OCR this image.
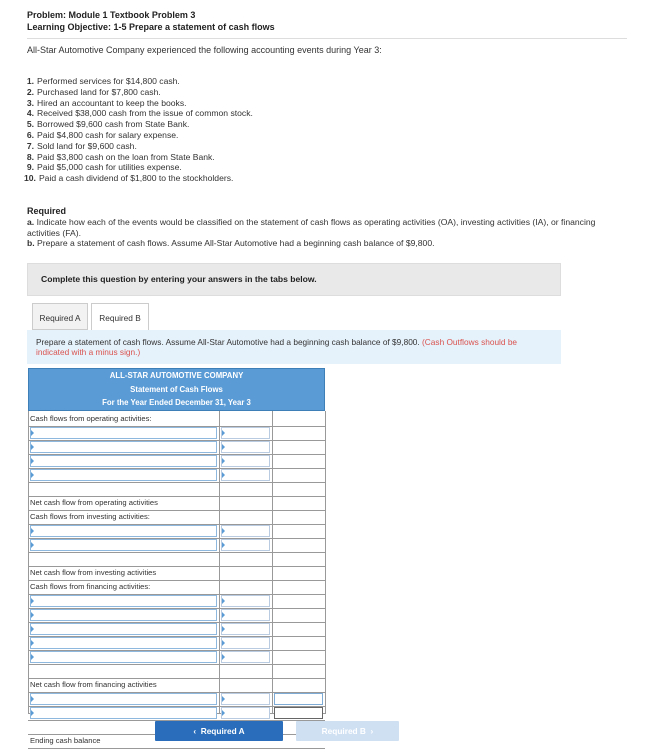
Problem: Module 1 Textbook Problem 3
Learning Objective: 1-5 Prepare a statement of cash flows
All-Star Automotive Company experienced the following accounting events during Year 3:
1. Performed services for $14,800 cash.
2. Purchased land for $7,800 cash.
3. Hired an accountant to keep the books.
4. Received $38,000 cash from the issue of common stock.
5. Borrowed $9,600 cash from State Bank.
6. Paid $4,800 cash for salary expense.
7. Sold land for $9,600 cash.
8. Paid $3,800 cash on the loan from State Bank.
9. Paid $5,000 cash for utilities expense.
10. Paid a cash dividend of $1,800 to the stockholders.
Required
a. Indicate how each of the events would be classified on the statement of cash flows as operating activities (OA), investing activities (IA), or financing activities (FA).
b. Prepare a statement of cash flows. Assume All-Star Automotive had a beginning cash balance of $9,800.
Complete this question by entering your answers in the tabs below.
Required A	Required B
Prepare a statement of cash flows. Assume All-Star Automotive had a beginning cash balance of $9,800. (Cash Outflows should be indicated with a minus sign.)
ALL-STAR AUTOMOTIVE COMPANY
Statement of Cash Flows
For the Year Ended December 31, Year 3
Cash flows from operating activities:
Net cash flow from operating activities
Cash flows from investing activities:
Net cash flow from investing activities
Cash flows from financing activities:
Net cash flow from financing activities
Ending cash balance
‹  Required A	Required B  ›
